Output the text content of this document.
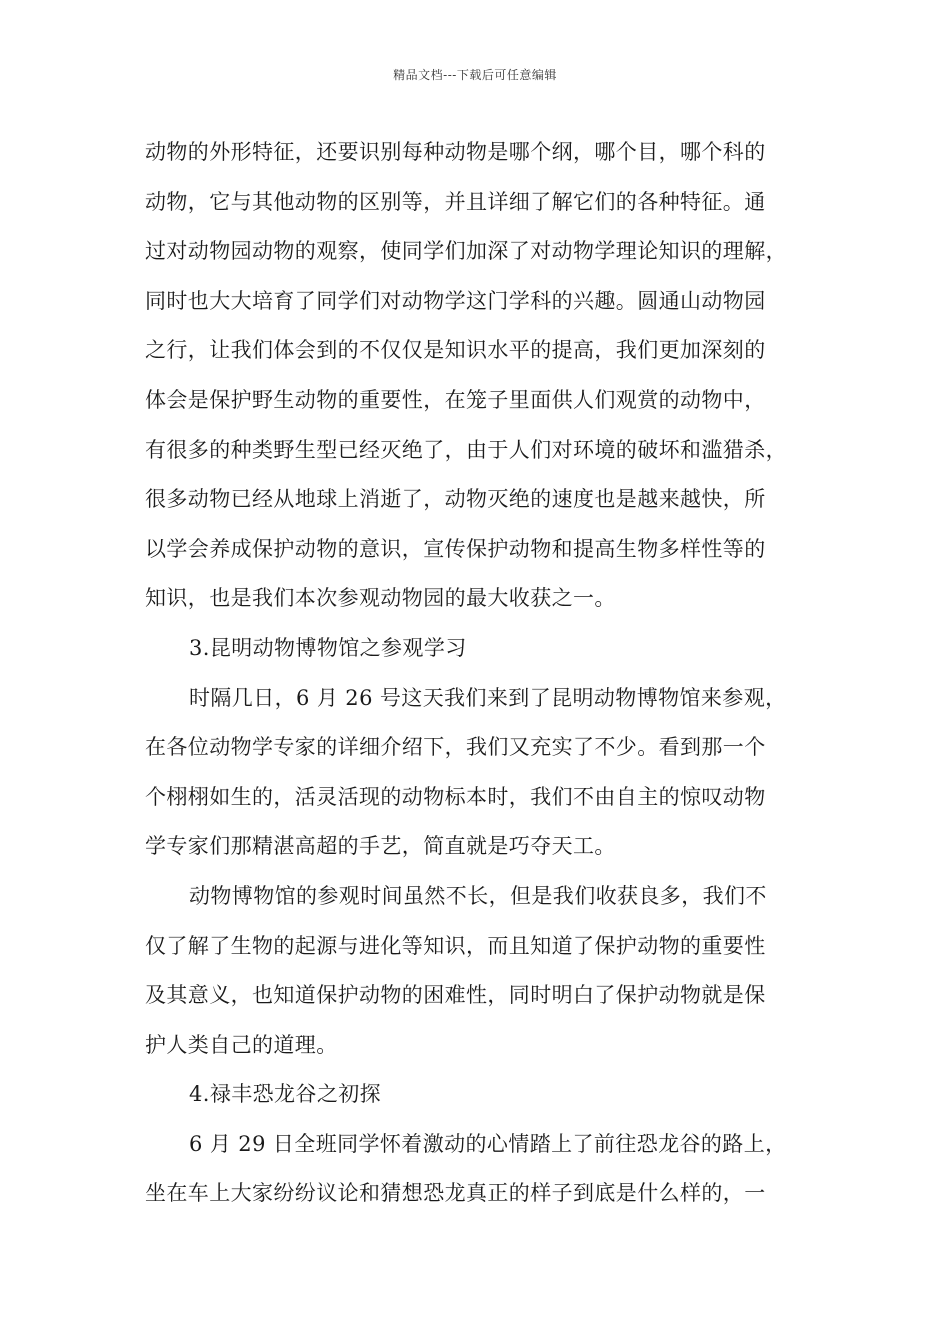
精品文档---下载后可任意编辑
动物的外形特征，还要识别每种动物是哪个纲，哪个目，哪个科的
动物，它与其他动物的区别等，并且详细了解它们的各种特征。通
过对动物园动物的观察，使同学们加深了对动物学理论知识的理解，
同时也大大培育了同学们对动物学这门学科的兴趣。圆通山动物园
之行，让我们体会到的不仅仅是知识水平的提高，我们更加深刻的
体会是保护野生动物的重要性，在笼子里面供人们观赏的动物中，
有很多的种类野生型已经灭绝了，由于人们对环境的破坏和滥猎杀，
很多动物已经从地球上消逝了，动物灭绝的速度也是越来越快，所
以学会养成保护动物的意识，宣传保护动物和提高生物多样性等的
知识，也是我们本次参观动物园的最大收获之一。
3.昆明动物博物馆之参观学习
时隔几日，6 月 26 号这天我们来到了昆明动物博物馆来参观，
在各位动物学专家的详细介绍下，我们又充实了不少。看到那一个
个栩栩如生的，活灵活现的动物标本时，我们不由自主的惊叹动物
学专家们那精湛高超的手艺，简直就是巧夺天工。
动物博物馆的参观时间虽然不长，但是我们收获良多，我们不
仅了解了生物的起源与进化等知识，而且知道了保护动物的重要性
及其意义，也知道保护动物的困难性，同时明白了保护动物就是保
护人类自己的道理。
4.禄丰恐龙谷之初探
6 月 29 日全班同学怀着激动的心情踏上了前往恐龙谷的路上，
坐在车上大家纷纷议论和猜想恐龙真正的样子到底是什么样的，一
